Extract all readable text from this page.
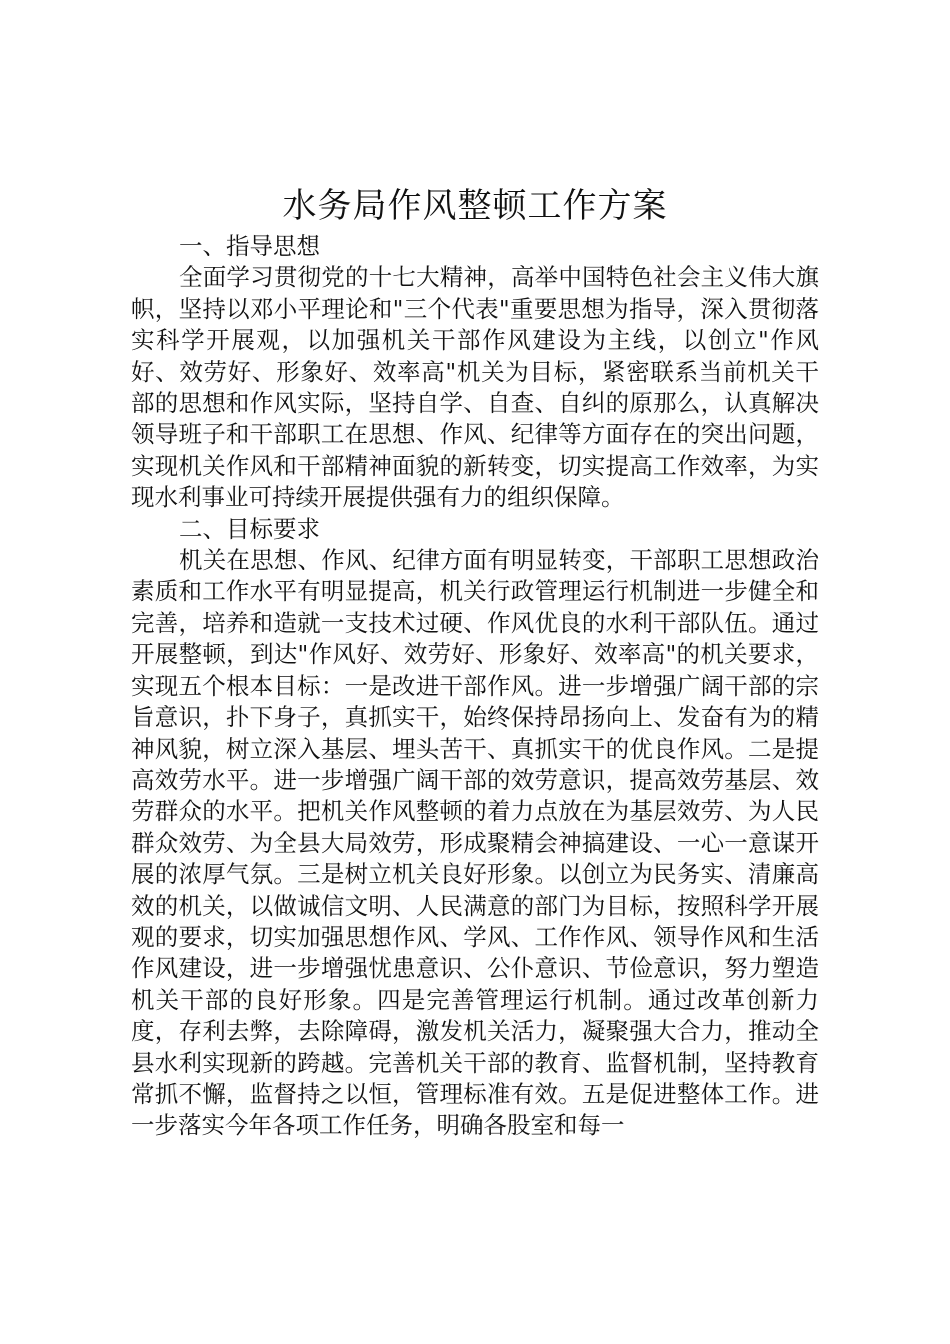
水务局作风整顿工作方案

一、指导思想

全面学习贯彻党的十七大精神，高举中国特色社会主义伟大旗帜，坚持以邓小平理论和"三个代表"重要思想为指导，深入贯彻落实科学开展观，以加强机关干部作风建设为主线，以创立"作风好、效劳好、形象好、效率高"机关为目标，紧密联系当前机关干部的思想和作风实际，坚持自学、自查、自纠的原那么，认真解决领导班子和干部职工在思想、作风、纪律等方面存在的突出问题，实现机关作风和干部精神面貌的新转变，切实提高工作效率，为实现水利事业可持续开展提供强有力的组织保障。

二、目标要求

机关在思想、作风、纪律方面有明显转变，干部职工思想政治素质和工作水平有明显提高，机关行政管理运行机制进一步健全和完善，培养和造就一支技术过硬、作风优良的水利干部队伍。通过开展整顿，到达"作风好、效劳好、形象好、效率高"的机关要求，实现五个根本目标：一是改进干部作风。进一步增强广阔干部的宗旨意识，扑下身子，真抓实干，始终保持昂扬向上、发奋有为的精神风貌，树立深入基层、埋头苦干、真抓实干的优良作风。二是提高效劳水平。进一步增强广阔干部的效劳意识，提高效劳基层、效劳群众的水平。把机关作风整顿的着力点放在为基层效劳、为人民群众效劳、为全县大局效劳，形成聚精会神搞建设、一心一意谋开展的浓厚气氛。三是树立机关良好形象。以创立为民务实、清廉高效的机关，以做诚信文明、人民满意的部门为目标，按照科学开展观的要求，切实加强思想作风、学风、工作作风、领导作风和生活作风建设，进一步增强忧患意识、公仆意识、节俭意识，努力塑造机关干部的良好形象。四是完善管理运行机制。通过改革创新力度，存利去弊，去除障碍，激发机关活力，凝聚强大合力，推动全县水利实现新的跨越。完善机关干部的教育、监督机制，坚持教育常抓不懈，监督持之以恒，管理标准有效。五是促进整体工作。进一步落实今年各项工作任务，明确各股室和每一
